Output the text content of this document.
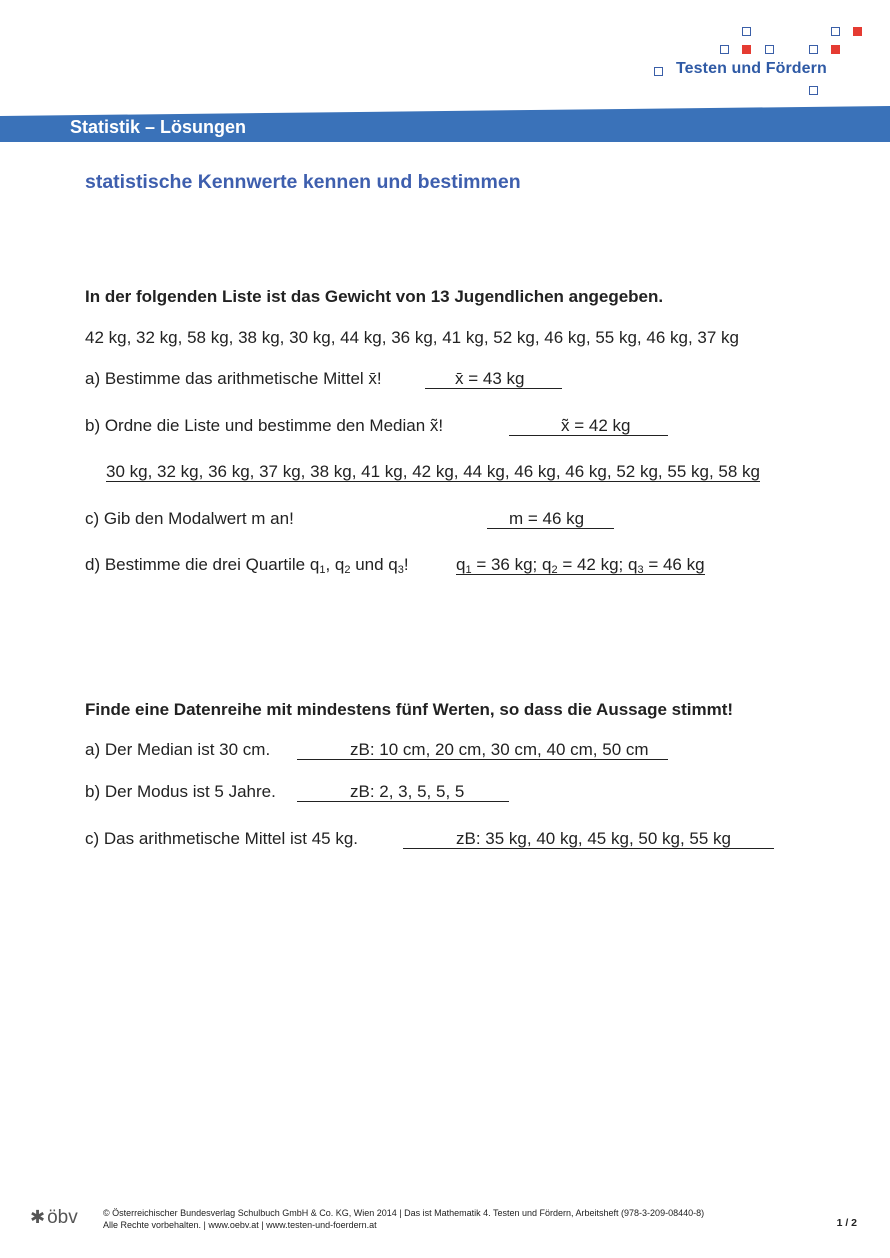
Testen und Fördern
Statistik – Lösungen
statistische Kennwerte kennen und bestimmen
In der folgenden Liste ist das Gewicht von 13 Jugendlichen angegeben.
42 kg, 32 kg, 58 kg, 38 kg, 30 kg, 44 kg, 36 kg, 41 kg, 52 kg, 46 kg, 55 kg, 46 kg, 37 kg
a) Bestimme das arithmetische Mittel x̄!	x̄ = 43 kg
b) Ordne die Liste und bestimme den Median x̃!	x̃ = 42 kg
30 kg, 32 kg, 36 kg, 37 kg, 38 kg, 41 kg, 42 kg, 44 kg, 46 kg, 46 kg, 52 kg, 55 kg, 58 kg
c) Gib den Modalwert m an!	m = 46 kg
d) Bestimme die drei Quartile $q_1$, $q_2$ und $q_3$!	$q_1 = 36$ kg; $q_2 = 42$ kg; $q_3 = 46$ kg
Finde eine Datenreihe mit mindestens fünf Werten, so dass die Aussage stimmt!
a) Der Median ist 30 cm.	zB: 10 cm, 20 cm, 30 cm, 40 cm, 50 cm
b) Der Modus ist 5 Jahre.	zB: 2, 3, 5, 5, 5
c) Das arithmetische Mittel ist 45 kg.	zB: 35 kg, 40 kg, 45 kg, 50 kg, 55 kg
✱ öbv	© Österreichischer Bundesverlag Schulbuch GmbH & Co. KG, Wien 2014 | Das ist Mathematik 4. Testen und Fördern, Arbeitsheft (978-3-209-08440-8)
Alle Rechte vorbehalten. | www.oebv.at | www.testen-und-foerdern.at	1 / 2
